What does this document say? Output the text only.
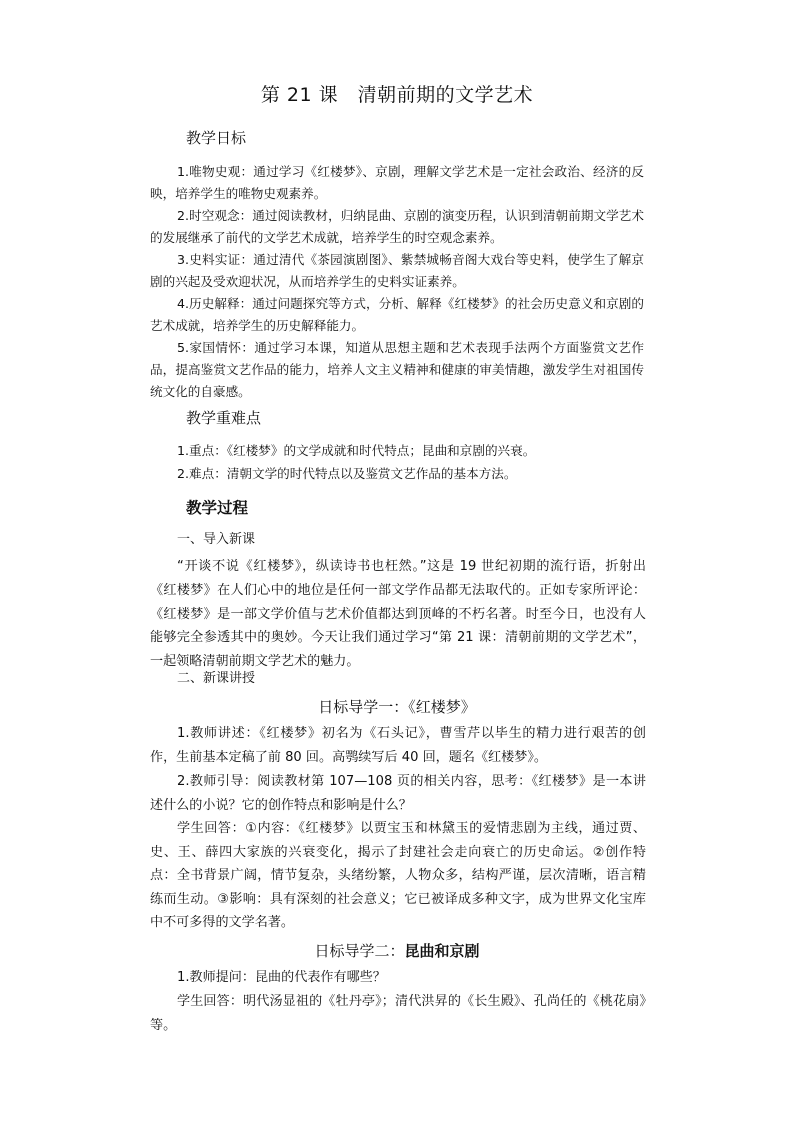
第 21 课　清朝前期的文学艺术
教学日标

1.唯物史观：通过学习《红楼梦》、京剧，理解文学艺术是一定社会政治、经济的反映，培养学生的唯物史观素养。

2.时空观念：通过阅读教材，归纳昆曲、京剧的演变历程，认识到清朝前期文学艺术的发展继承了前代的文学艺术成就，培养学生的时空观念素养。

3.史料实证：通过清代《茶园演剧图》、紫禁城畅音阁大戏台等史料，使学生了解京剧的兴起及受欢迎状况，从而培养学生的史料实证素养。

4.历史解释：通过问题探究等方式，分析、解释《红楼梦》的社会历史意义和京剧的艺术成就，培养学生的历史解释能力。

5.家国情怀：通过学习本课，知道从思想主题和艺术表现手法两个方面鉴赏文艺作品，提高鉴赏文艺作品的能力，培养人文主义精神和健康的审美情趣，激发学生对祖国传统文化的自豪感。

教学重难点

1.重点：《红楼梦》的文学成就和时代特点；昆曲和京剧的兴衰。

2.难点：清朝文学的时代特点以及鉴赏文艺作品的基本方法。

教学过程
一、导入新课

“开谈不说《红楼梦》，纵读诗书也枉然。”这是 19 世纪初期的流行语，折射出《红楼梦》在人们心中的地位是任何一部文学作品都无法取代的。正如专家所评论：《红楼梦》是一部文学价值与艺术价值都达到顶峰的不朽名著。时至今日，也没有人能够完全参透其中的奥妙。今天让我们通过学习“第 21 课：清朝前期的文学艺术”，一起领略清朝前期文学艺术的魅力。

二、新课讲授
日标导学一：《红楼梦》

1.教师讲述：《红楼梦》初名为《石头记》，曹雪芹以毕生的精力进行艰苦的创作，生前基本定稿了前 80 回。高鹗续写后 40 回，题名《红楼梦》。

2.教师引导：阅读教材第 107—108 页的相关内容，思考：《红楼梦》是一本讲述什么的小说？它的创作特点和影响是什么？

学生回答：①内容：《红楼梦》以贾宝玉和林黛玉的爱情悲剧为主线，通过贾、史、王、薛四大家族的兴衰变化，揭示了封建社会走向衰亡的历史命运。②创作特点：全书背景广阔，情节复杂，头绪纷繁，人物众多，结构严谨，层次清晰，语言精练而生动。③影响：具有深刻的社会意义；它已被译成多种文字，成为世界文化宝库中不可多得的文学名著。

日标导学二：昆曲和京剧

1.教师提问：昆曲的代表作有哪些？

学生回答：明代汤显祖的《牡丹亭》；清代洪昇的《长生殿》、孔尚任的《桃花扇》等。
